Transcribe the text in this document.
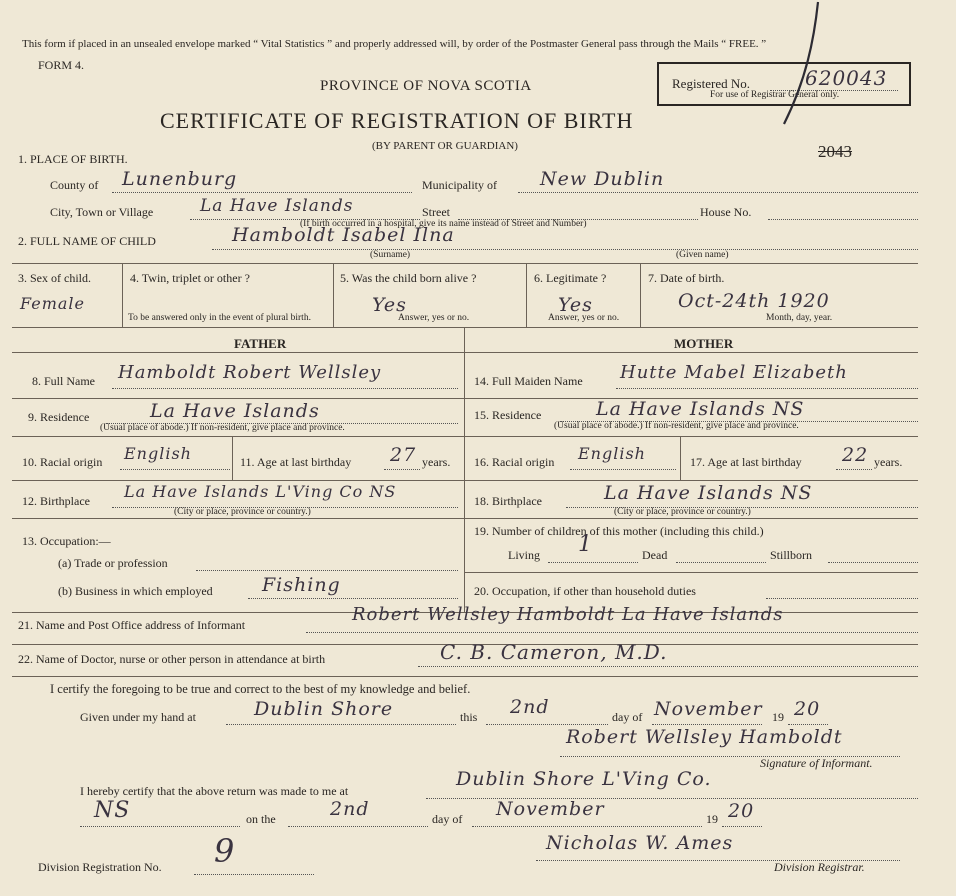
This form if placed in an unsealed envelope marked “ Vital Statistics ” and properly addressed will, by order of the Postmaster General pass through the Mails “ FREE. ”
FORM 4.
PROVINCE OF NOVA SCOTIA
CERTIFICATE OF REGISTRATION OF BIRTH
(BY PARENT OR GUARDIAN)
Registered No.	620043
For use of Registrar General only.
2043
1. PLACE OF BIRTH.
County of Lunenburg	Municipality of New Dublin
City, Town or Village	La Have Islands	Street	House No.
(If birth occurred in a hospital, give its name instead of Street and Number)
2. FULL NAME OF CHILD	Hamboldt Isabel Ilna
(Surname)	(Given name)
3. Sex of child.
Female
4. Twin, triplet or other ?
To be answered only in the event of plural birth.
5. Was the child born alive ?
Yes
Answer, yes or no.
6. Legitimate ?
Yes
Answer, yes or no.
7. Date of birth.
Oct-24th 1920
Month, day, year.
FATHER	MOTHER
8. Full Name Hamboldt Robert Wellsley
9. Residence	La Have Islands
(Usual place of abode.) If non-resident, give place and province.
10. Racial origin English	11. Age at last birthday 27 years.
12. Birthplace La Have Islands L'Ving Co NS
(City or place, province or country.)
13. Occupation:—
(a) Trade or profession
(b) Business in which employed	Fishing
14. Full Maiden Name Hutte Mabel Elizabeth
15. Residence	La Have Islands NS
(Usual place of abode.) If non-resident, give place and province.
16. Racial origin English	17. Age at last birthday 22 years.
18. Birthplace	La Have Islands NS
(City or place, province or country.)
19. Number of children of this mother (including this child.)
Living 1	Dead	Stillborn
20. Occupation, if other than household duties
21. Name and Post Office address of Informant	Robert Wellsley Hamboldt La Have Islands
22. Name of Doctor, nurse or other person in attendance at birth	C. B. Cameron, M.D.
I certify the foregoing to be true and correct to the best of my knowledge and belief.
Given under my hand at	Dublin Shore	this 2nd	day of November 19 20
Robert Wellsley Hamboldt
Signature of Informant.
I hereby certify that the above return was made to me at
Dublin Shore L'Ving Co.
NS	on the	2nd	day of November	19 20
Division Registration No. 9	Nicholas W. Ames
Division Registrar.
